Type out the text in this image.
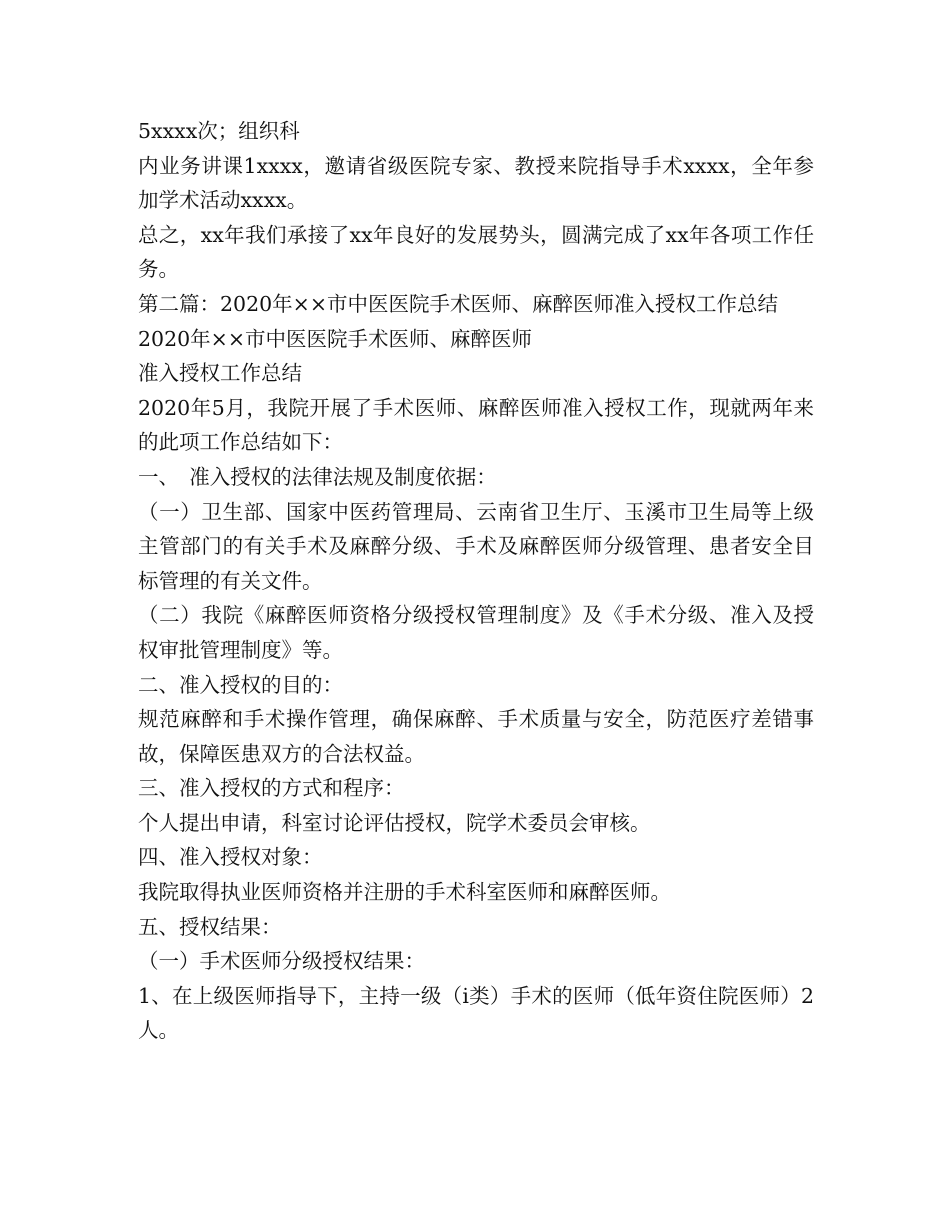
5xxxx次；组织科

内业务讲课1xxxx，邀请省级医院专家、教授来院指导手术xxxx，全年参加学术活动xxxx。

总之，xx年我们承接了xx年良好的发展势头，圆满完成了xx年各项工作任务。

第二篇：2020年××市中医医院手术医师、麻醉医师准入授权工作总结

2020年××市中医医院手术医师、麻醉医师

准入授权工作总结

2020年5月，我院开展了手术医师、麻醉医师准入授权工作，现就两年来的此项工作总结如下：

一、　准入授权的法律法规及制度依据：

（一）卫生部、国家中医药管理局、云南省卫生厅、玉溪市卫生局等上级主管部门的有关手术及麻醉分级、手术及麻醉医师分级管理、患者安全目标管理的有关文件。

（二）我院《麻醉医师资格分级授权管理制度》及《手术分级、准入及授权审批管理制度》等。

二、准入授权的目的：

规范麻醉和手术操作管理，确保麻醉、手术质量与安全，防范医疗差错事故，保障医患双方的合法权益。

三、准入授权的方式和程序：

个人提出申请，科室讨论评估授权，院学术委员会审核。

四、准入授权对象：

我院取得执业医师资格并注册的手术科室医师和麻醉医师。

五、授权结果：

（一）手术医师分级授权结果：

1、在上级医师指导下，主持一级（ⅰ类）手术的医师（低年资住院医师）2人。
